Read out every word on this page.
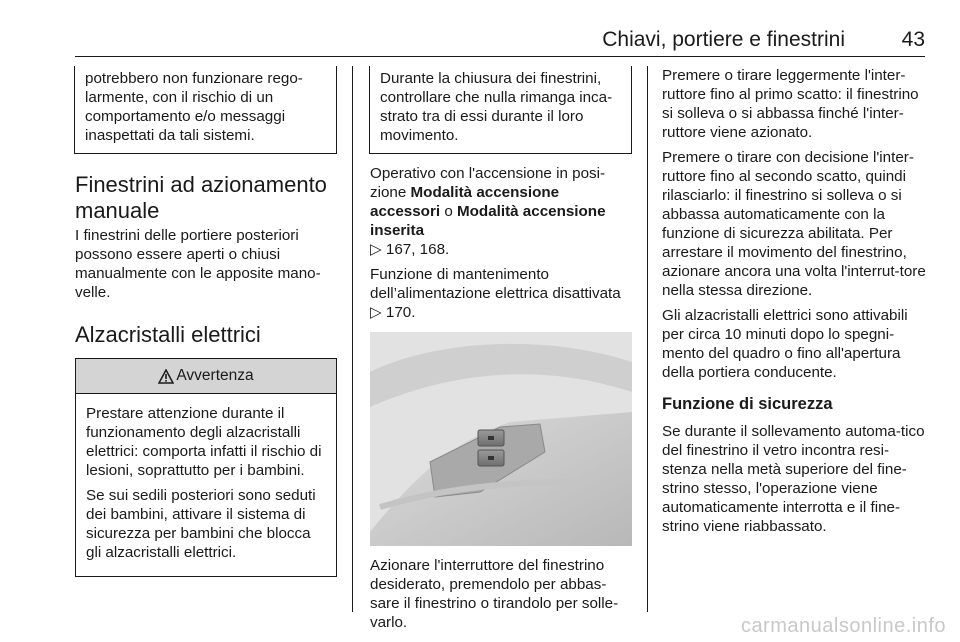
Chiavi, portiere e finestrini	43

potrebbero non funzionare rego-larmente, con il rischio di un comportamento e/o messaggi inaspettati da tali sistemi.

Finestrini ad azionamento manuale

I finestrini delle portiere posteriori possono essere aperti o chiusi manualmente con le apposite mano-velle.

Alzacristalli elettrici
Avvertenza

Prestare attenzione durante il funzionamento degli alzacristalli elettrici: comporta infatti il rischio di lesioni, soprattutto per i bambini.

Se sui sedili posteriori sono seduti dei bambini, attivare il sistema di sicurezza per bambini che blocca gli alzacristalli elettrici.

Durante la chiusura dei finestrini, controllare che nulla rimanga inca-strato tra di essi durante il loro movimento.

Operativo con l'accensione in posi-zione Modalità accensione accessori o Modalità accensione inserita
▷ 167, 168.

Funzione di mantenimento dell’alimentazione elettrica disattivata
▷ 170.

Azionare l'interruttore del finestrino desiderato, premendolo per abbas-sare il finestrino o tirandolo per solle-varlo.

Premere o tirare leggermente l'inter-ruttore fino al primo scatto: il finestrino si solleva o si abbassa finché l'inter-ruttore viene azionato.

Premere o tirare con decisione l'inter-ruttore fino al secondo scatto, quindi rilasciarlo: il finestrino si solleva o si abbassa automaticamente con la funzione di sicurezza abilitata. Per arrestare il movimento del finestrino, azionare ancora una volta l'interrut-tore nella stessa direzione.

Gli alzacristalli elettrici sono attivabili per circa 10 minuti dopo lo spegni-mento del quadro o fino all'apertura della portiera conducente.

Funzione di sicurezza

Se durante il sollevamento automa-tico del finestrino il vetro incontra resi-stenza nella metà superiore del fine-strino stesso, l'operazione viene automaticamente interrotta e il fine-strino viene riabbassato.

carmanualsonline.info
